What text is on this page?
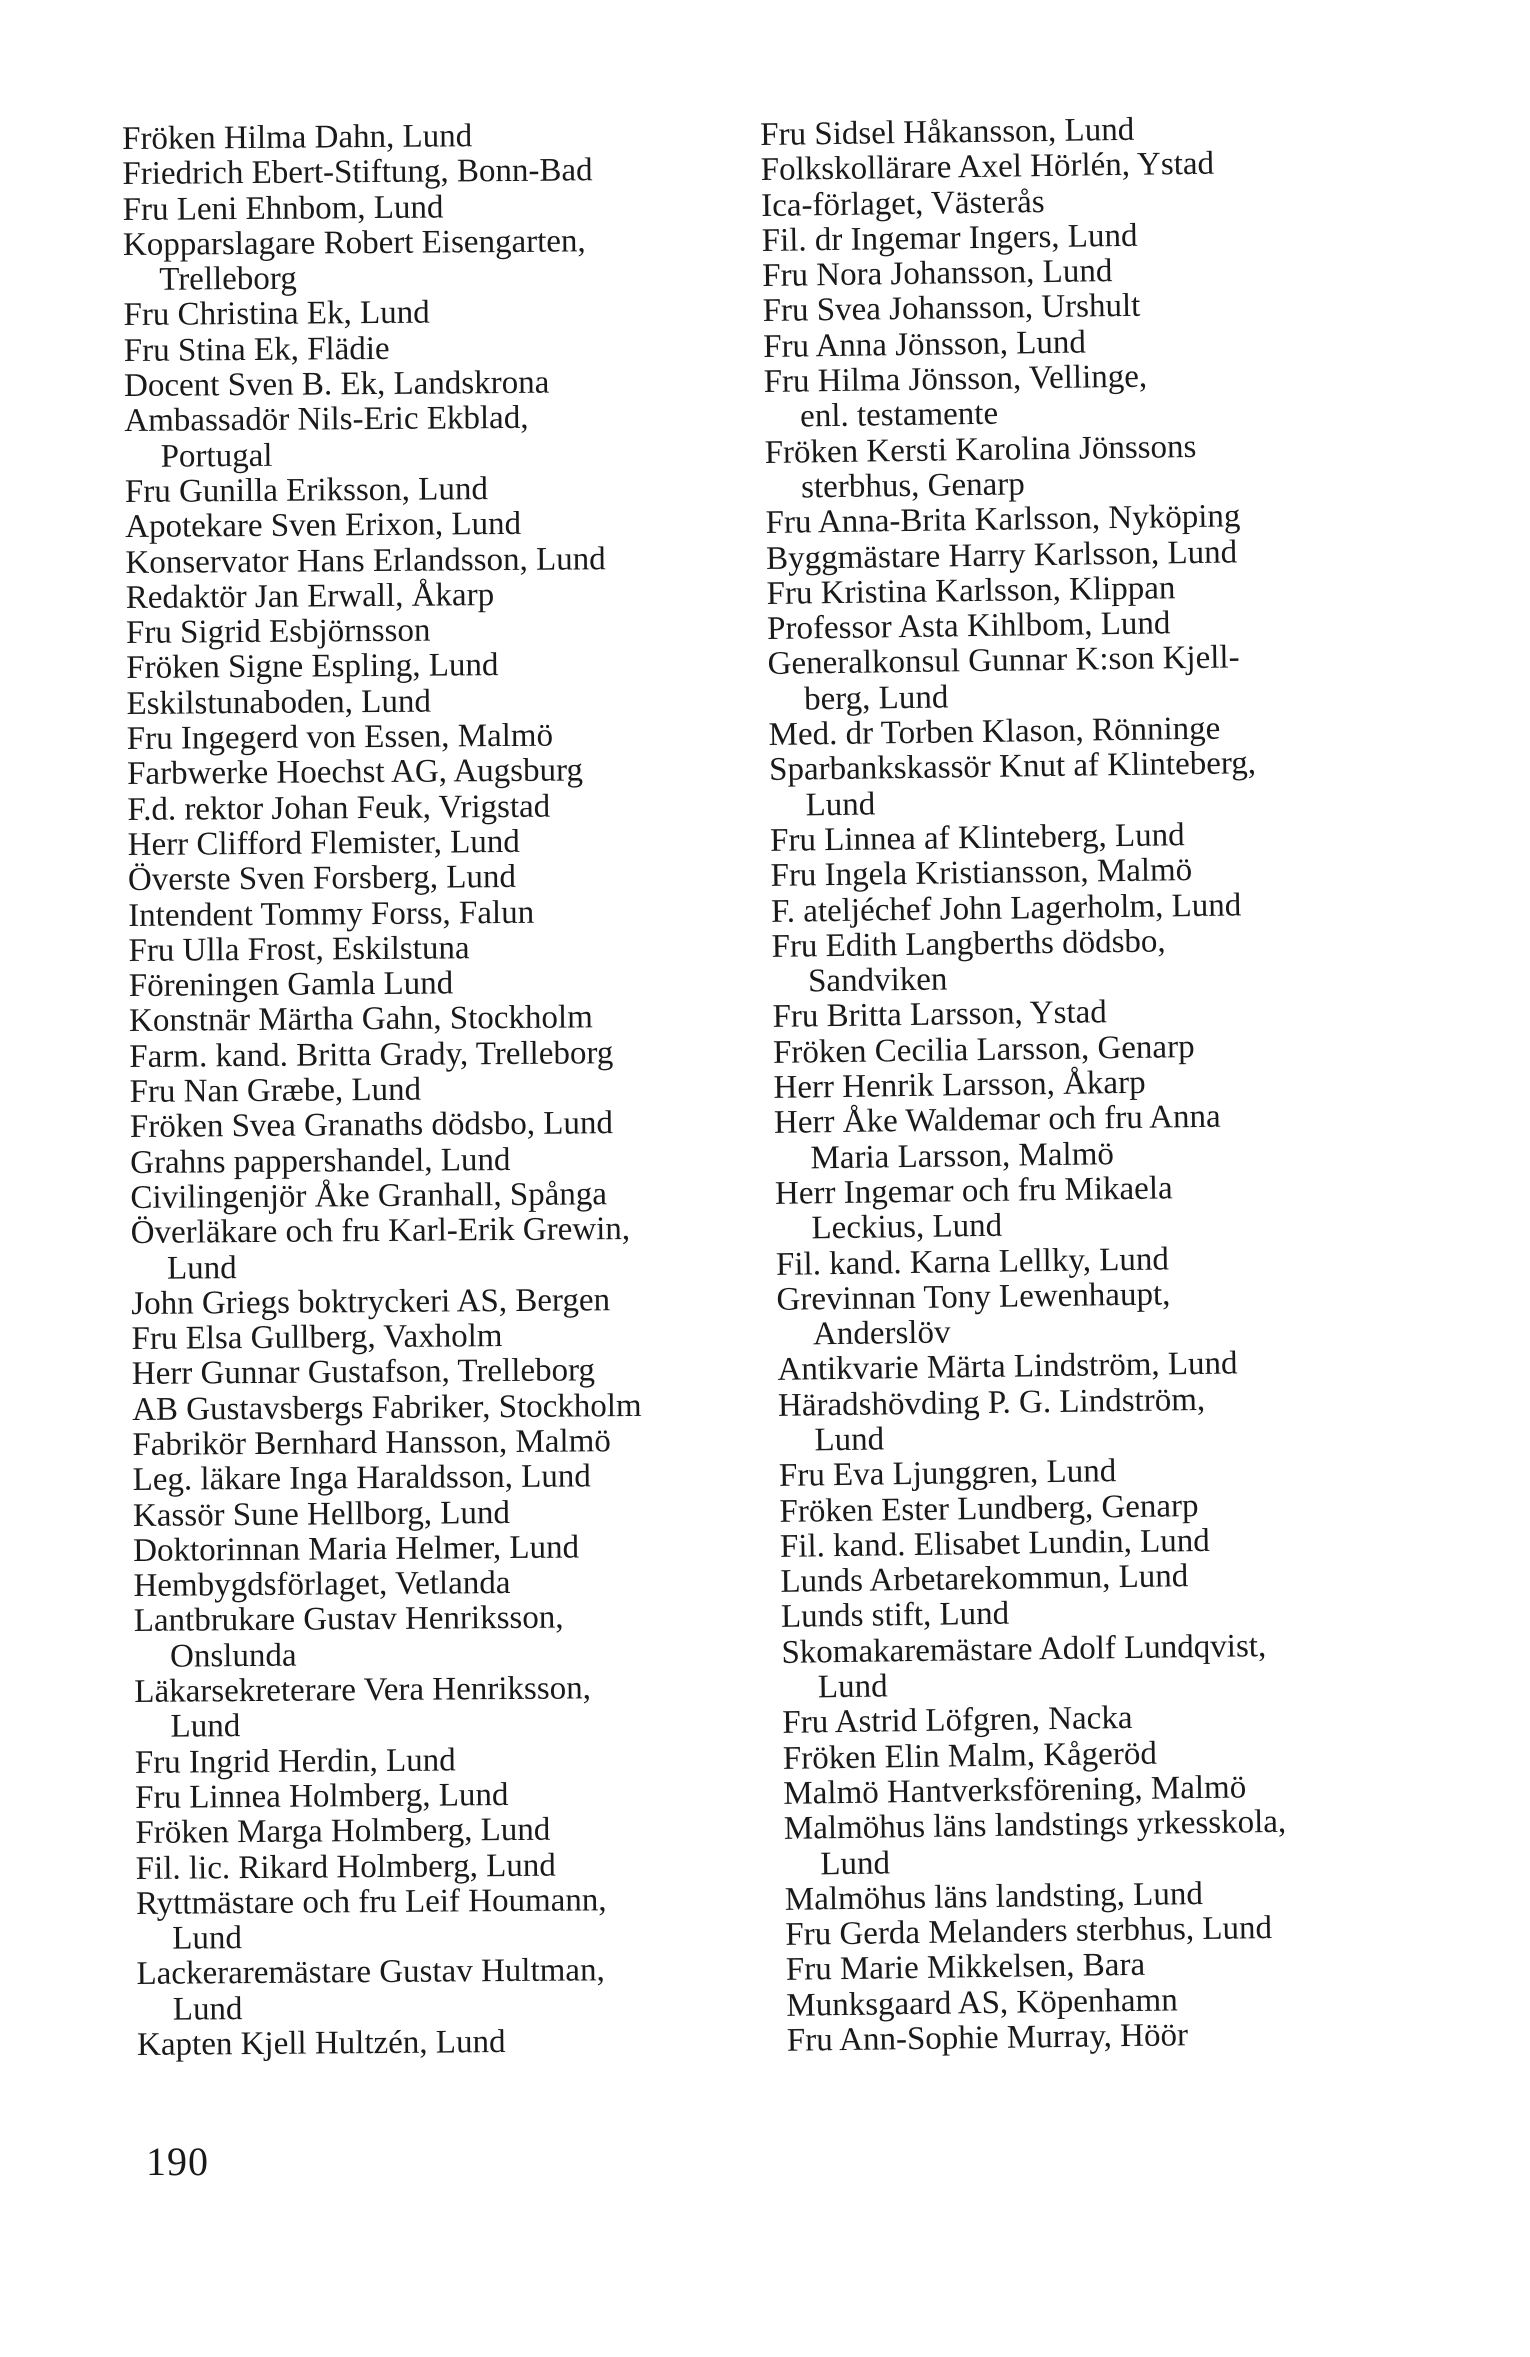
Fröken Hilma Dahn, Lund
Friedrich Ebert-Stiftung, Bonn-Bad
Fru Leni Ehnbom, Lund
Kopparslagare Robert Eisengarten,
Trelleborg
Fru Christina Ek, Lund
Fru Stina Ek, Flädie
Docent Sven B. Ek, Landskrona
Ambassadör Nils-Eric Ekblad,
Portugal
Fru Gunilla Eriksson, Lund
Apotekare Sven Erixon, Lund
Konservator Hans Erlandsson, Lund
Redaktör Jan Erwall, Åkarp
Fru Sigrid Esbjörnsson
Fröken Signe Espling, Lund
Eskilstunaboden, Lund
Fru Ingegerd von Essen, Malmö
Farbwerke Hoechst AG, Augsburg
F.d. rektor Johan Feuk, Vrigstad
Herr Clifford Flemister, Lund
Överste Sven Forsberg, Lund
Intendent Tommy Forss, Falun
Fru Ulla Frost, Eskilstuna
Föreningen Gamla Lund
Konstnär Märtha Gahn, Stockholm
Farm. kand. Britta Grady, Trelleborg
Fru Nan Græbe, Lund
Fröken Svea Granaths dödsbo, Lund
Grahns pappershandel, Lund
Civilingenjör Åke Granhall, Spånga
Överläkare och fru Karl-Erik Grewin,
Lund
John Griegs boktryckeri AS, Bergen
Fru Elsa Gullberg, Vaxholm
Herr Gunnar Gustafson, Trelleborg
AB Gustavsbergs Fabriker, Stockholm
Fabrikör Bernhard Hansson, Malmö
Leg. läkare Inga Haraldsson, Lund
Kassör Sune Hellborg, Lund
Doktorinnan Maria Helmer, Lund
Hembygdsförlaget, Vetlanda
Lantbrukare Gustav Henriksson,
Onslunda
Läkarsekreterare Vera Henriksson,
Lund
Fru Ingrid Herdin, Lund
Fru Linnea Holmberg, Lund
Fröken Marga Holmberg, Lund
Fil. lic. Rikard Holmberg, Lund
Ryttmästare och fru Leif Houmann,
Lund
Lackeraremästare Gustav Hultman,
Lund
Kapten Kjell Hultzén, Lund
Fru Sidsel Håkansson, Lund
Folkskollärare Axel Hörlén, Ystad
Ica-förlaget, Västerås
Fil. dr Ingemar Ingers, Lund
Fru Nora Johansson, Lund
Fru Svea Johansson, Urshult
Fru Anna Jönsson, Lund
Fru Hilma Jönsson, Vellinge,
enl. testamente
Fröken Kersti Karolina Jönssons
sterbhus, Genarp
Fru Anna-Brita Karlsson, Nyköping
Byggmästare Harry Karlsson, Lund
Fru Kristina Karlsson, Klippan
Professor Asta Kihlbom, Lund
Generalkonsul Gunnar K:son Kjell-
berg, Lund
Med. dr Torben Klason, Rönninge
Sparbankskassör Knut af Klinteberg,
Lund
Fru Linnea af Klinteberg, Lund
Fru Ingela Kristiansson, Malmö
F. ateljéchef John Lagerholm, Lund
Fru Edith Langberths dödsbo,
Sandviken
Fru Britta Larsson, Ystad
Fröken Cecilia Larsson, Genarp
Herr Henrik Larsson, Åkarp
Herr Åke Waldemar och fru Anna
Maria Larsson, Malmö
Herr Ingemar och fru Mikaela
Leckius, Lund
Fil. kand. Karna Lellky, Lund
Grevinnan Tony Lewenhaupt,
Anderslöv
Antikvarie Märta Lindström, Lund
Häradshövding P. G. Lindström,
Lund
Fru Eva Ljunggren, Lund
Fröken Ester Lundberg, Genarp
Fil. kand. Elisabet Lundin, Lund
Lunds Arbetarekommun, Lund
Lunds stift, Lund
Skomakaremästare Adolf Lundqvist,
Lund
Fru Astrid Löfgren, Nacka
Fröken Elin Malm, Kågeröd
Malmö Hantverksförening, Malmö
Malmöhus läns landstings yrkesskola,
Lund
Malmöhus läns landsting, Lund
Fru Gerda Melanders sterbhus, Lund
Fru Marie Mikkelsen, Bara
Munksgaard AS, Köpenhamn
Fru Ann-Sophie Murray, Höör
190
